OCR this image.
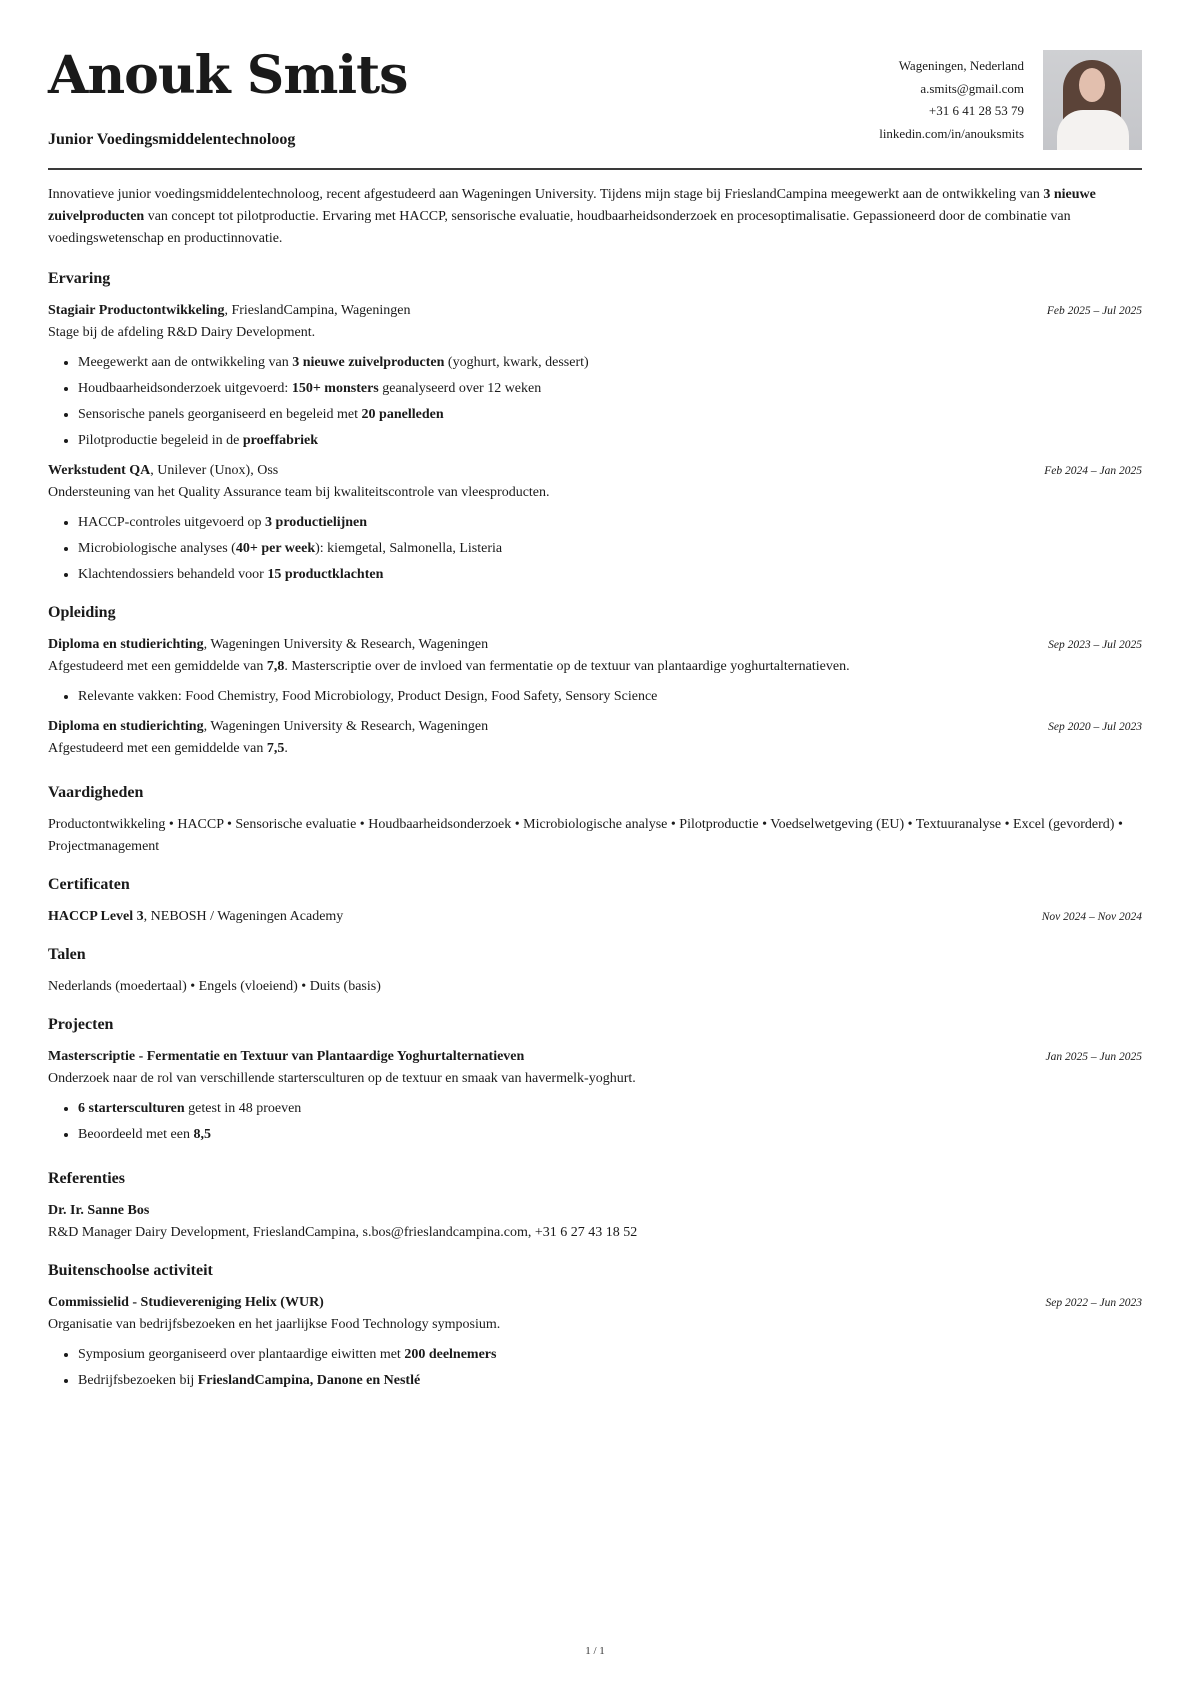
Anouk Smits
Junior Voedingsmiddelentechnoloog
Wageningen, Nederland
a.smits@gmail.com
+31 6 41 28 53 79
linkedin.com/in/anouksmits

Innovatieve junior voedingsmiddelentechnoloog, recent afgestudeerd aan Wageningen University. Tijdens mijn stage bij FrieslandCampina meegewerkt aan de ontwikkeling van 3 nieuwe zuivelproducten van concept tot pilotproductie. Ervaring met HACCP, sensorische evaluatie, houdbaarheidsonderzoek en procesoptimalisatie. Gepassioneerd door de combinatie van voedingswetenschap en productinnovatie.

Ervaring
Stagiair Productontwikkeling, FrieslandCampina, Wageningen	Feb 2025 – Jul 2025

Stage bij de afdeling R&D Dairy Development.

• Meegewerkt aan de ontwikkeling van 3 nieuwe zuivelproducten (yoghurt, kwark, dessert)
• Houdbaarheidsonderzoek uitgevoerd: 150+ monsters geanalyseerd over 12 weken
• Sensorische panels georganiseerd en begeleid met 20 panelleden
• Pilotproductie begeleid in de proeffabriek
Werkstudent QA, Unilever (Unox), Oss	Feb 2024 – Jan 2025

Ondersteuning van het Quality Assurance team bij kwaliteitscontrole van vleesproducten.

• HACCP-controles uitgevoerd op 3 productielijnen
• Microbiologische analyses (40+ per week): kiemgetal, Salmonella, Listeria
• Klachtendossiers behandeld voor 15 productklachten
Opleiding
Diploma en studierichting, Wageningen University & Research, Wageningen	Sep 2023 – Jul 2025

Afgestudeerd met een gemiddelde van 7,8. Masterscriptie over de invloed van fermentatie op de textuur van plantaardige yoghurtalternatieven.

• Relevante vakken: Food Chemistry, Food Microbiology, Product Design, Food Safety, Sensory Science
Diploma en studierichting, Wageningen University & Research, Wageningen	Sep 2020 – Jul 2023

Afgestudeerd met een gemiddelde van 7,5.

Vaardigheden

Productontwikkeling • HACCP • Sensorische evaluatie • Houdbaarheidsonderzoek • Microbiologische analyse • Pilotproductie • Voedselwetgeving (EU) • Textuuranalyse • Excel (gevorderd) • Projectmanagement

Certificaten
HACCP Level 3, NEBOSH / Wageningen Academy	Nov 2024 – Nov 2024
Talen

Nederlands (moedertaal) • Engels (vloeiend) • Duits (basis)

Projecten
Masterscriptie - Fermentatie en Textuur van Plantaardige Yoghurtalternatieven	Jan 2025 – Jun 2025

Onderzoek naar de rol van verschillende startersculturen op de textuur en smaak van havermelk-yoghurt.

• 6 startersculturen getest in 48 proeven
• Beoordeeld met een 8,5
Referenties

Dr. Ir. Sanne Bos

R&D Manager Dairy Development, FrieslandCampina, s.bos@frieslandcampina.com, +31 6 27 43 18 52

Buitenschoolse activiteit
Commissielid - Studievereniging Helix (WUR)	Sep 2022 – Jun 2023

Organisatie van bedrijfsbezoeken en het jaarlijkse Food Technology symposium.

• Symposium georganiseerd over plantaardige eiwitten met 200 deelnemers
• Bedrijfsbezoeken bij FrieslandCampina, Danone en Nestlé
1 / 1
